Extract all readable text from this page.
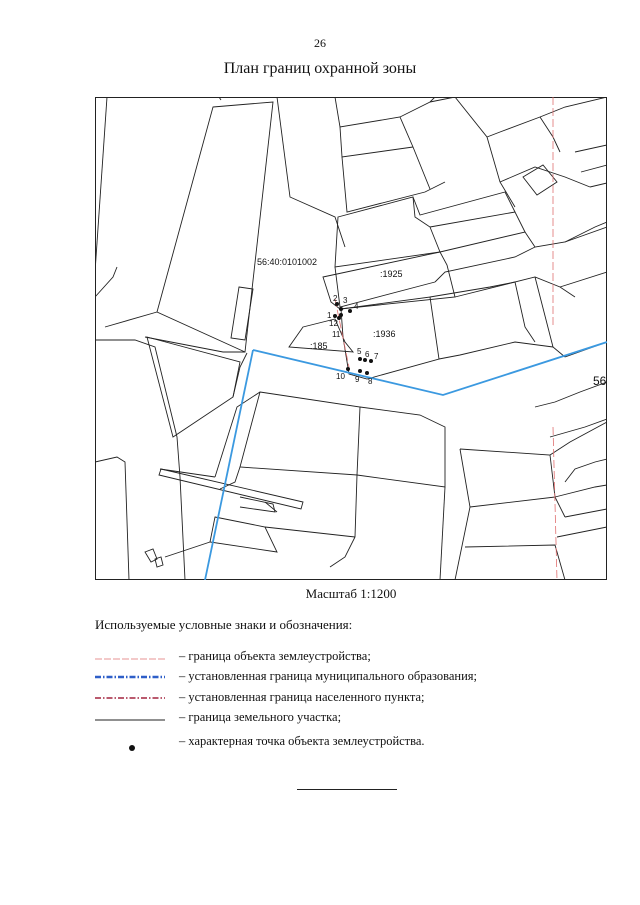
26
План границ охранной зоны
56:40:0101002
:1925
:1936
:185
56
1
2 3
4
5 6 7
8
9
10
11
12
Масштаб 1:1200
Используемые условные знаки и обозначения:
– граница объекта землеустройства;
– установленная граница муниципального образования;
– установленная граница населенного пункта;
– граница земельного участка;
– характерная точка объекта землеустройства.
